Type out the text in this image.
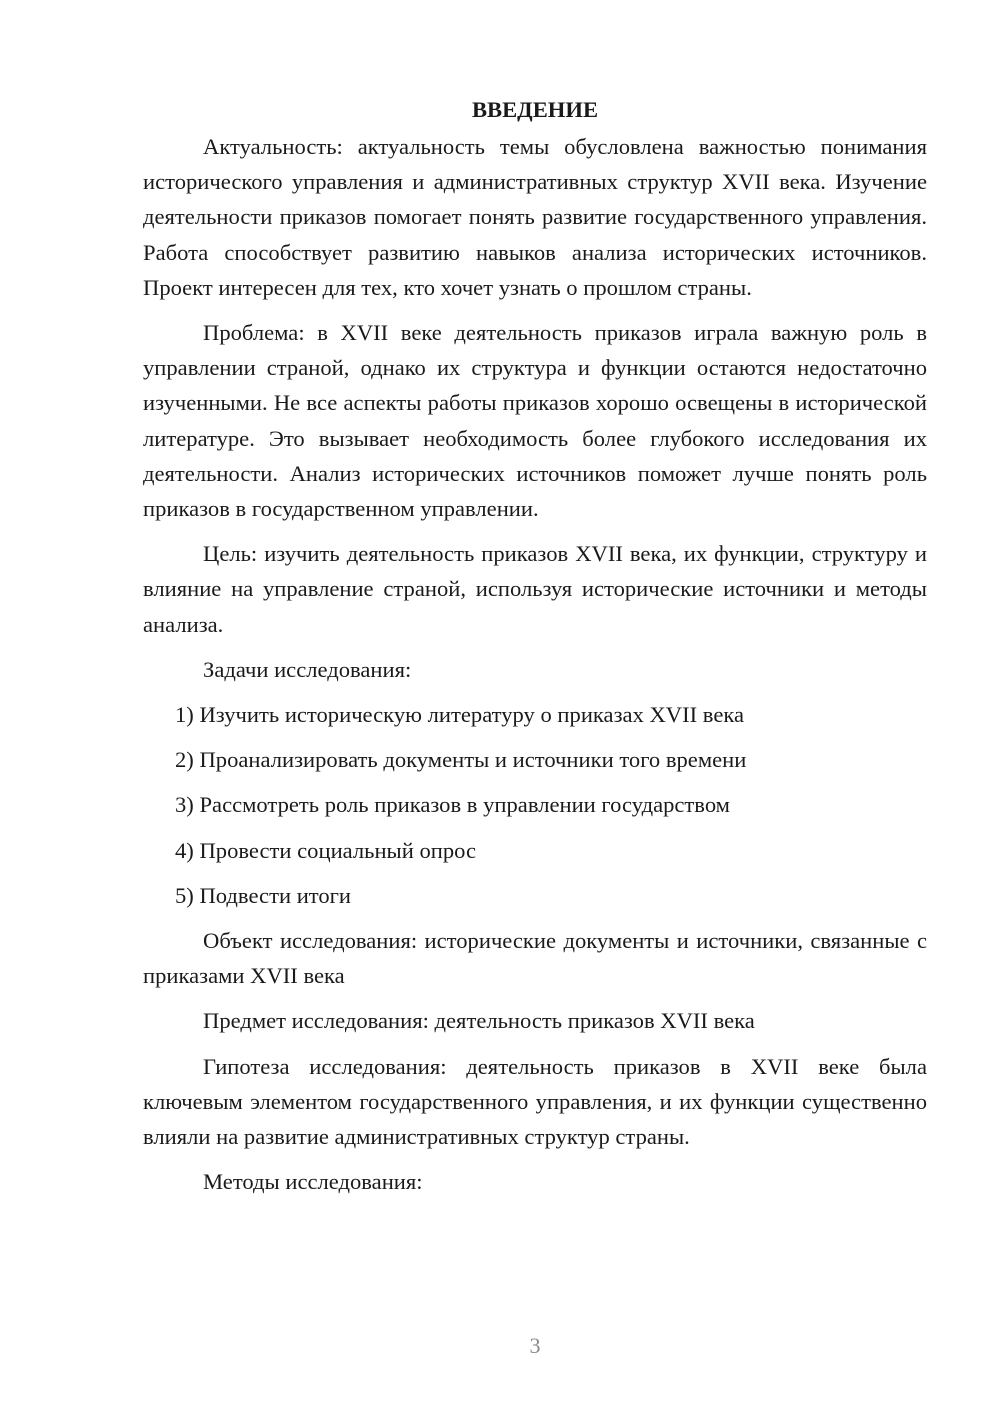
ВВЕДЕНИЕ

Актуальность: актуальность темы обусловлена важностью понимания исторического управления и административных структур XVII века. Изучение деятельности приказов помогает понять развитие государственного управления. Работа способствует развитию навыков анализа исторических источников. Проект интересен для тех, кто хочет узнать о прошлом страны.

Проблема: в XVII веке деятельность приказов играла важную роль в управлении страной, однако их структура и функции остаются недостаточно изученными. Не все аспекты работы приказов хорошо освещены в исторической литературе. Это вызывает необходимость более глубокого исследования их деятельности. Анализ исторических источников поможет лучше понять роль приказов в государственном управлении.

Цель: изучить деятельность приказов XVII века, их функции, структуру и влияние на управление страной, используя исторические источники и методы анализа.

Задачи исследования:

1) Изучить историческую литературу о приказах XVII века
2) Проанализировать документы и источники того времени
3) Рассмотреть роль приказов в управлении государством
4) Провести социальный опрос
5) Подвести итоги

Объект исследования: исторические документы и источники, связанные с приказами XVII века

Предмет исследования: деятельность приказов XVII века

Гипотеза исследования: деятельность приказов в XVII веке была ключевым элементом государственного управления, и их функции существенно влияли на развитие административных структур страны.

Методы исследования:

3
